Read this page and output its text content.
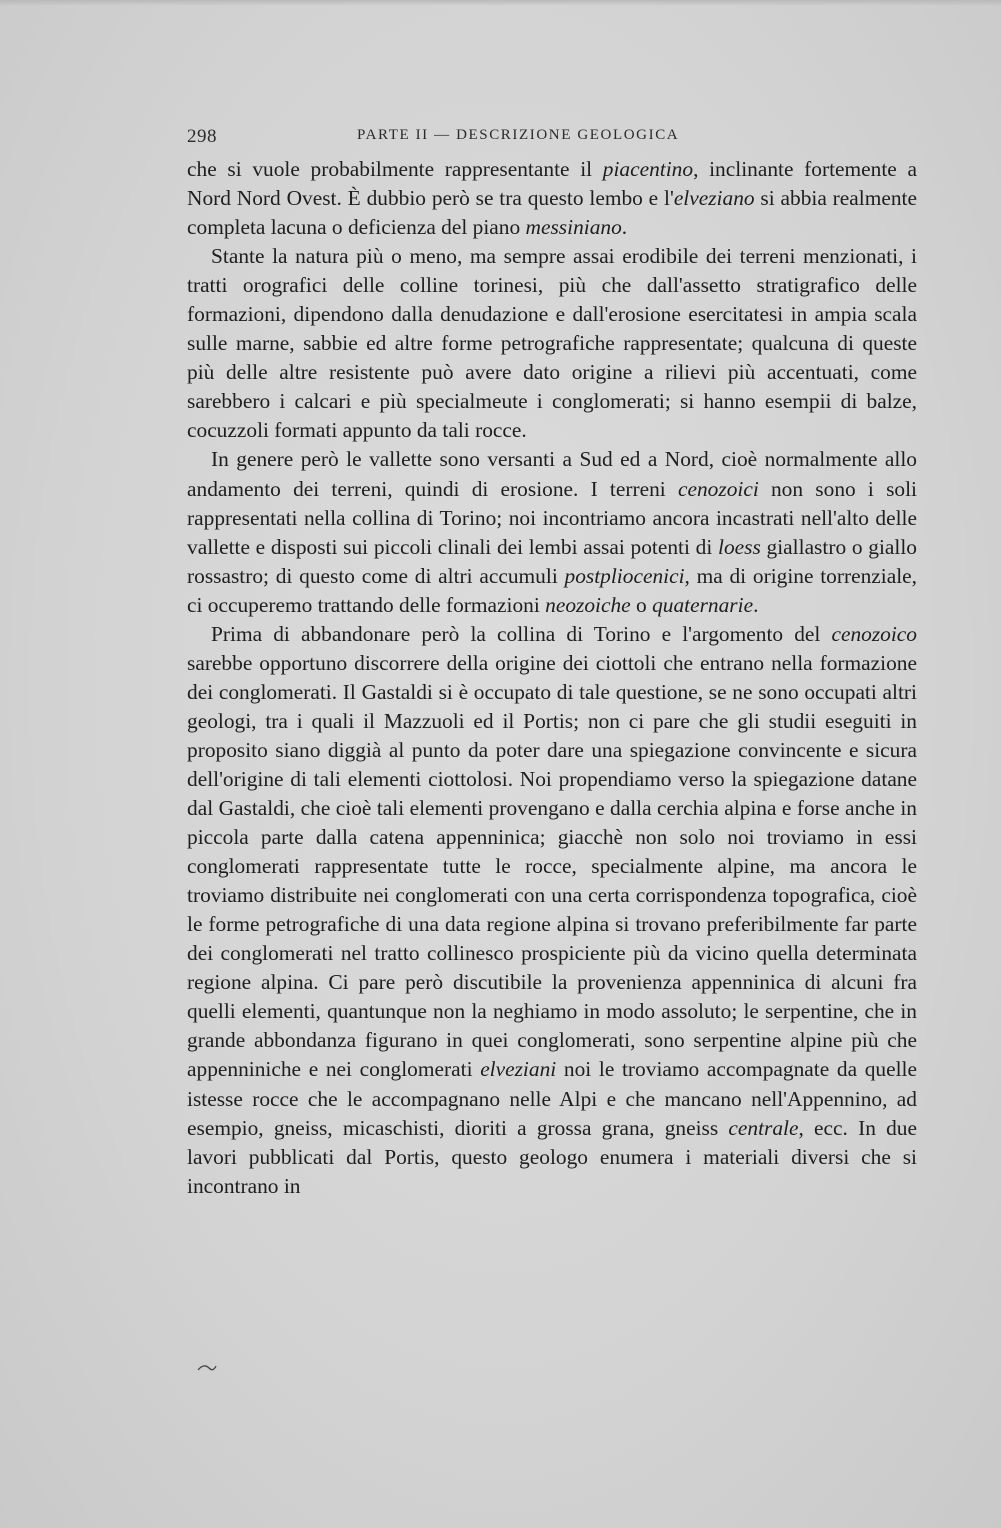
298	PARTE II — DESCRIZIONE GEOLOGICA

che si vuole probabilmente rappresentante il piacentino, inclinante fortemente a Nord Nord Ovest. È dubbio però se tra questo lembo e l'elveziano si abbia realmente completa lacuna o deficienza del piano messiniano.

Stante la natura più o meno, ma sempre assai erodibile dei terreni menzionati, i tratti orografici delle colline torinesi, più che dall'assetto stratigrafico delle formazioni, dipendono dalla denudazione e dall'erosione esercitatesi in ampia scala sulle marne, sabbie ed altre forme petrografiche rappresentate; qualcuna di queste più delle altre resistente può avere dato origine a rilievi più accentuati, come sarebbero i calcari e più specialmeute i conglomerati; si hanno esempii di balze, cocuzzoli formati appunto da tali rocce.

In genere però le vallette sono versanti a Sud ed a Nord, cioè normalmente allo andamento dei terreni, quindi di erosione. I terreni cenozoici non sono i soli rappresentati nella collina di Torino; noi incontriamo ancora incastrati nell'alto delle vallette e disposti sui piccoli clinali dei lembi assai potenti di loess giallastro o giallo rossastro; di questo come di altri accumuli postpliocenici, ma di origine torrenziale, ci occuperemo trattando delle formazioni neozoiche o quaternarie.

Prima di abbandonare però la collina di Torino e l'argomento del cenozoico sarebbe opportuno discorrere della origine dei ciottoli che entrano nella formazione dei conglomerati. Il Gastaldi si è occupato di tale questione, se ne sono occupati altri geologi, tra i quali il Mazzuoli ed il Portis; non ci pare che gli studii eseguiti in proposito siano diggià al punto da poter dare una spiegazione convincente e sicura dell'origine di tali elementi ciottolosi. Noi propendiamo verso la spiegazione datane dal Gastaldi, che cioè tali elementi provengano e dalla cerchia alpina e forse anche in piccola parte dalla catena appenninica; giacchè non solo noi troviamo in essi conglomerati rappresentate tutte le rocce, specialmente alpine, ma ancora le troviamo distribuite nei conglomerati con una certa corrispondenza topografica, cioè le forme petrografiche di una data regione alpina si trovano preferibilmente far parte dei conglomerati nel tratto collinesco prospiciente più da vicino quella determinata regione alpina. Ci pare però discutibile la provenienza appenninica di alcuni fra quelli elementi, quantunque non la neghiamo in modo assoluto; le serpentine, che in grande abbondanza figurano in quei conglomerati, sono serpentine alpine più che appenniniche e nei conglomerati elveziani noi le troviamo accompagnate da quelle istesse rocce che le accompagnano nelle Alpi e che mancano nell'Appennino, ad esempio, gneiss, micaschisti, dioriti a grossa grana, gneiss centrale, ecc. In due lavori pubblicati dal Portis, questo geologo enumera i materiali diversi che si incontrano in
